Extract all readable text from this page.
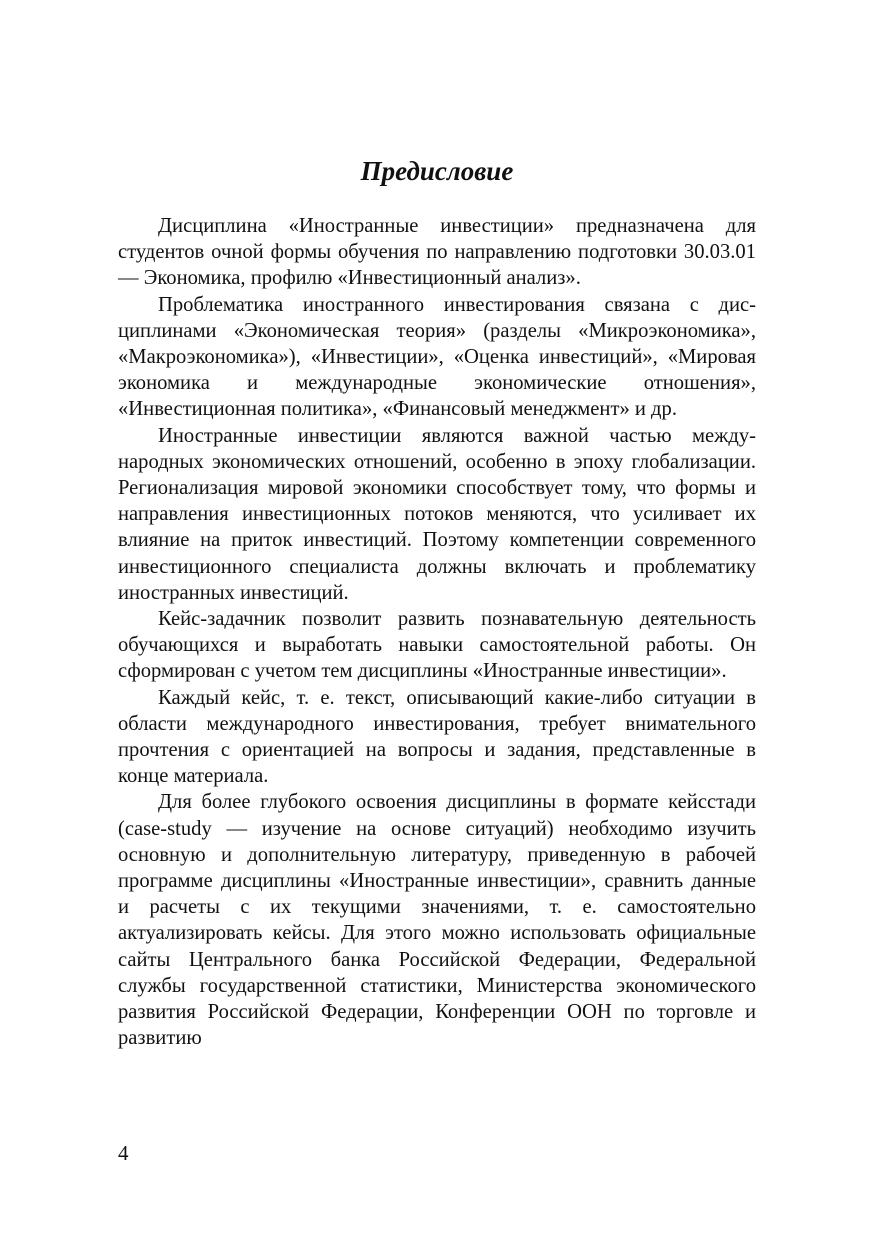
Предисловие

Дисциплина «Иностранные инвестиции» предназначена для студентов очной формы обучения по направлению подготовки 30.03.01 — Экономика, профилю «Инвестиционный анализ».

Проблематика иностранного инвестирования связана с дисциплинами «Экономическая теория» (разделы «Микроэкономика», «Макроэкономика»), «Инвестиции», «Оценка инвестиций», «Мировая экономика и международные экономические отношения», «Инвестиционная политика», «Финансовый менеджмент» и др.

Иностранные инвестиции являются важной частью международных экономических отношений, особенно в эпоху глобализации. Регионализация мировой экономики способствует тому, что формы и направления инвестиционных потоков меняются, что усиливает их влияние на приток инвестиций. Поэтому компетенции современного инвестиционного специалиста должны включать и проблематику иностранных инвестиций.

Кейс-задачник позволит развить познавательную деятельность обучающихся и выработать навыки самостоятельной работы. Он сформирован с учетом тем дисциплины «Иностранные инвестиции».

Каждый кейс, т. е. текст, описывающий какие-либо ситуации в области международного инвестирования, требует внимательного прочтения с ориентацией на вопросы и задания, представленные в конце материала.

Для более глубокого освоения дисциплины в формате кейсстади (case-study — изучение на основе ситуаций) необходимо изучить основную и дополнительную литературу, приведенную в рабочей программе дисциплины «Иностранные инвестиции», сравнить данные и расчеты с их текущими значениями, т. е. самостоятельно актуализировать кейсы. Для этого можно использовать официальные сайты Центрального банка Российской Федерации, Федеральной службы государственной статистики, Министерства экономического развития Российской Федерации, Конференции ООН по торговле и развитию

4
